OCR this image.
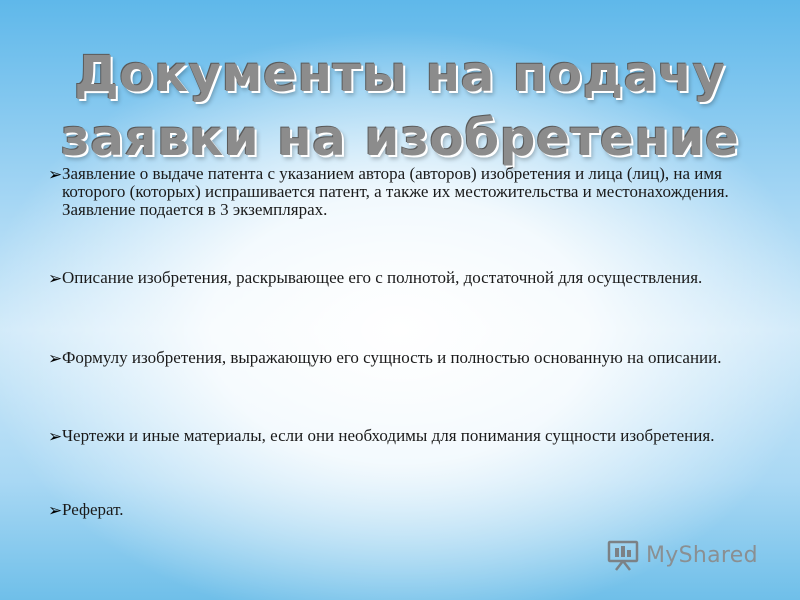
Документы на подачу
заявки на изобретение
➢ Заявление о выдаче патента с указанием автора (авторов) изобретения и лица (лиц), на имя которого (которых) испрашивается патент, а также их местожительства и местонахождения. Заявление подается в 3 экземплярах.
➢ Описание изобретения, раскрывающее его с полнотой, достаточной для осуществления.
➢ Формулу изобретения, выражающую его сущность и полностью основанную на описании.
➢ Чертежи и иные материалы, если они необходимы для понимания сущности изобретения.
➢ Реферат.
MyShared
